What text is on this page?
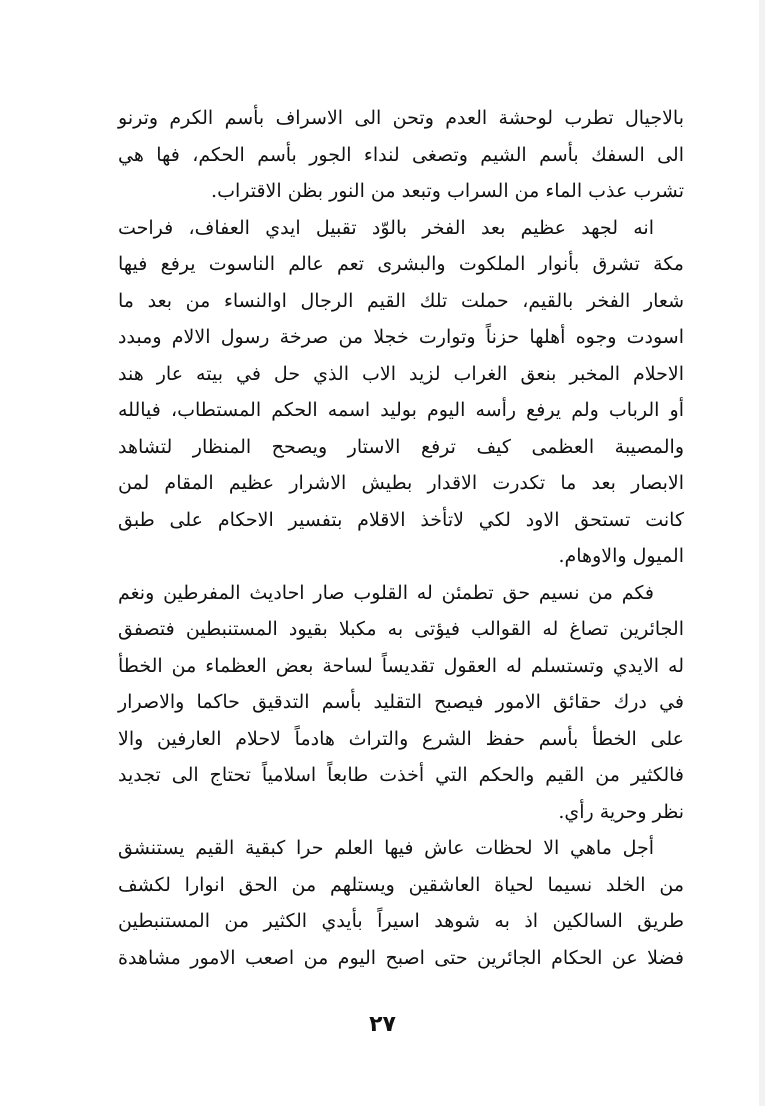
بالاجيال تطرب لوحشة العدم وتحن الى الاسراف بأسم الكرم وترنو
الى السفك بأسم الشيم وتصغى لنداء الجور بأسم الحكم، فها هي
تشرب عذب الماء من السراب وتبعد من النور بظن الاقتراب.
انه لجهد عظيم بعد الفخر بالوّد تقبيل ايدي العفاف، فراحت
مكة تشرق بأنوار الملكوت والبشرى تعم عالم الناسوت يرفع فيها
شعار الفخر بالقيم، حملت تلك القيم الرجال اوالنساء من بعد ما
اسودت وجوه أهلها حزناً وتوارت خجلا من صرخة رسول الالام ومبدد
الاحلام المخبر بنعق الغراب لزيد الاب الذي حل في بيته عار هند
أو الرباب ولم يرفع رأسه اليوم بوليد اسمه الحكم المستطاب، فيالله
والمصيبة العظمى كيف ترفع الاستار ويصحح المنظار لتشاهد
الابصار بعد ما تكدرت الاقدار بطيش الاشرار عظيم المقام لمن
كانت تستحق الاود لكي لاتأخذ الاقلام بتفسير الاحكام على طبق
الميول والاوهام.
فكم من نسيم حق تطمئن له القلوب صار احاديث المفرطين ونغم
الجائرين تصاغ له القوالب فيؤتى به مكبلا بقيود المستنبطين فتصفق
له الايدي وتستسلم له العقول تقديساً لساحة بعض العظماء من الخطأ
في درك حقائق الامور فيصبح التقليد بأسم التدقيق حاكما والاصرار
على الخطأ بأسم حفظ الشرع والتراث هادماً لاحلام العارفين والا
فالكثير من القيم والحكم التي أخذت طابعاً اسلامياً تحتاج الى تجديد
نظر وحرية رأي.
أجل ماهي الا لحظات عاش فيها العلم حرا كبقية القيم يستنشق
من الخلد نسيما لحياة العاشقين ويستلهم من الحق انوارا لكشف
طريق السالكين اذ به شوهد اسيراً بأيدي الكثير من المستنبطين
فضلا عن الحكام الجائرين حتى اصبح اليوم من اصعب الامور مشاهدة
٢٧
